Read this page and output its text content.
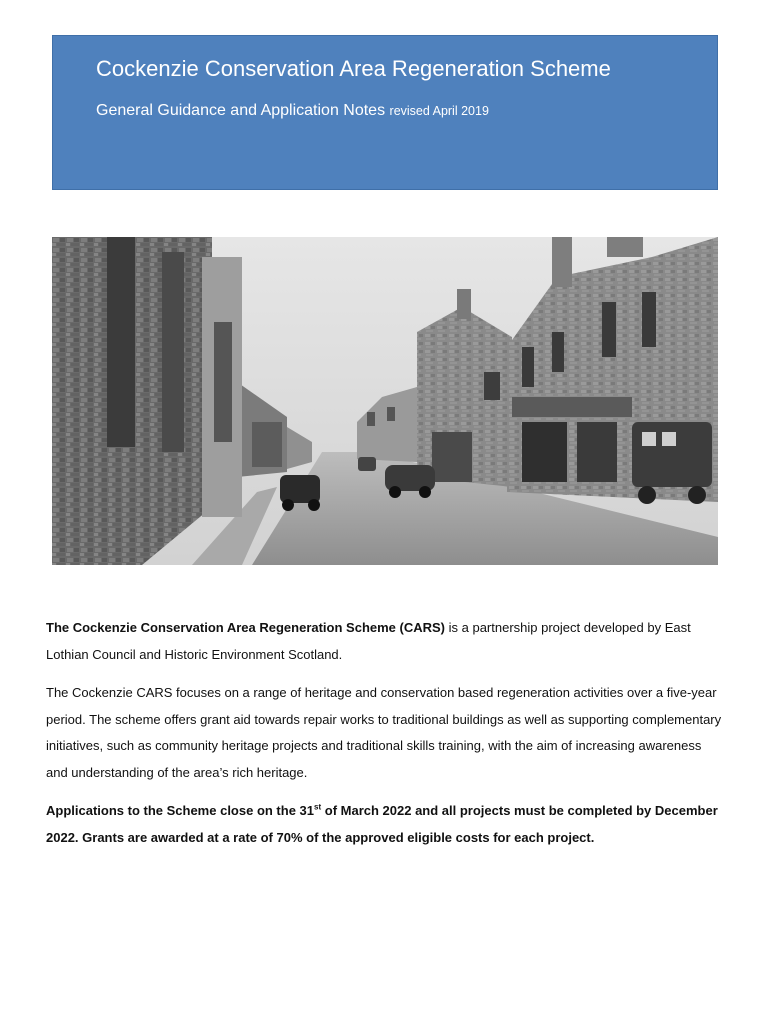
Cockenzie Conservation Area Regeneration Scheme
General Guidance and Application Notes revised April 2019

The Cockenzie Conservation Area Regeneration Scheme (CARS) is a partnership project developed by East Lothian Council and Historic Environment Scotland.

The Cockenzie CARS focuses on a range of heritage and conservation based regeneration activities over a five-year period. The scheme offers grant aid towards repair works to traditional buildings as well as supporting complementary initiatives, such as community heritage projects and traditional skills training, with the aim of increasing awareness and understanding of the area’s rich heritage.

Applications to the Scheme close on the 31st of March 2022 and all projects must be completed by December 2022. Grants are awarded at a rate of 70% of the approved eligible costs for each project.
